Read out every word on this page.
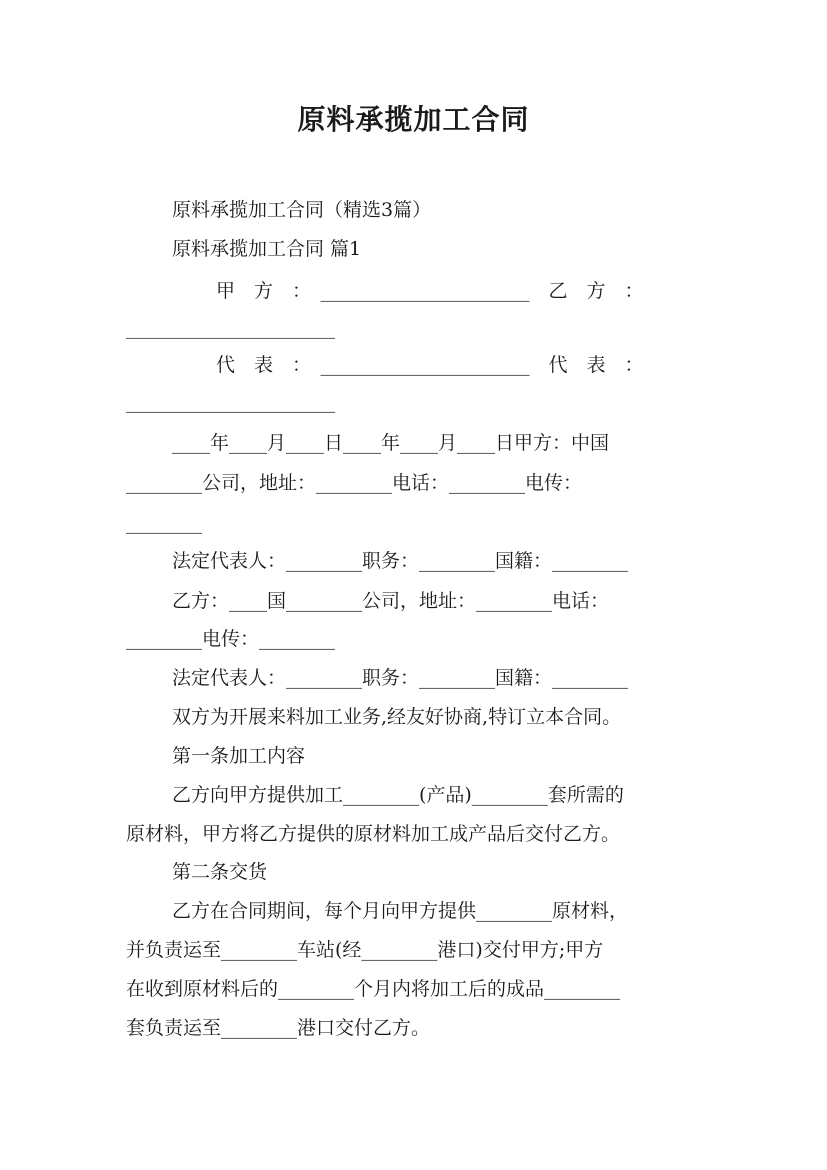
原料承揽加工合同
原料承揽加工合同（精选3篇）
原料承揽加工合同 篇1
甲　方　：　______________________　乙　方　：
______________________
代　表　：　______________________　代　表　：
______________________
____年____月____日____年____月____日甲方：中国
________公司，地址：________电话：________电传：
________
法定代表人：________职务：________国籍：________
乙方：____国________公司，地址：________电话：
________电传：________
法定代表人：________职务：________国籍：________
双方为开展来料加工业务,经友好协商,特订立本合同。
第一条加工内容
乙方向甲方提供加工________(产品)________套所需的
原材料，甲方将乙方提供的原材料加工成产品后交付乙方。
第二条交货
乙方在合同期间，每个月向甲方提供________原材料，
并负责运至________车站(经________港口)交付甲方;甲方
在收到原材料后的________个月内将加工后的成品________
套负责运至________港口交付乙方。
